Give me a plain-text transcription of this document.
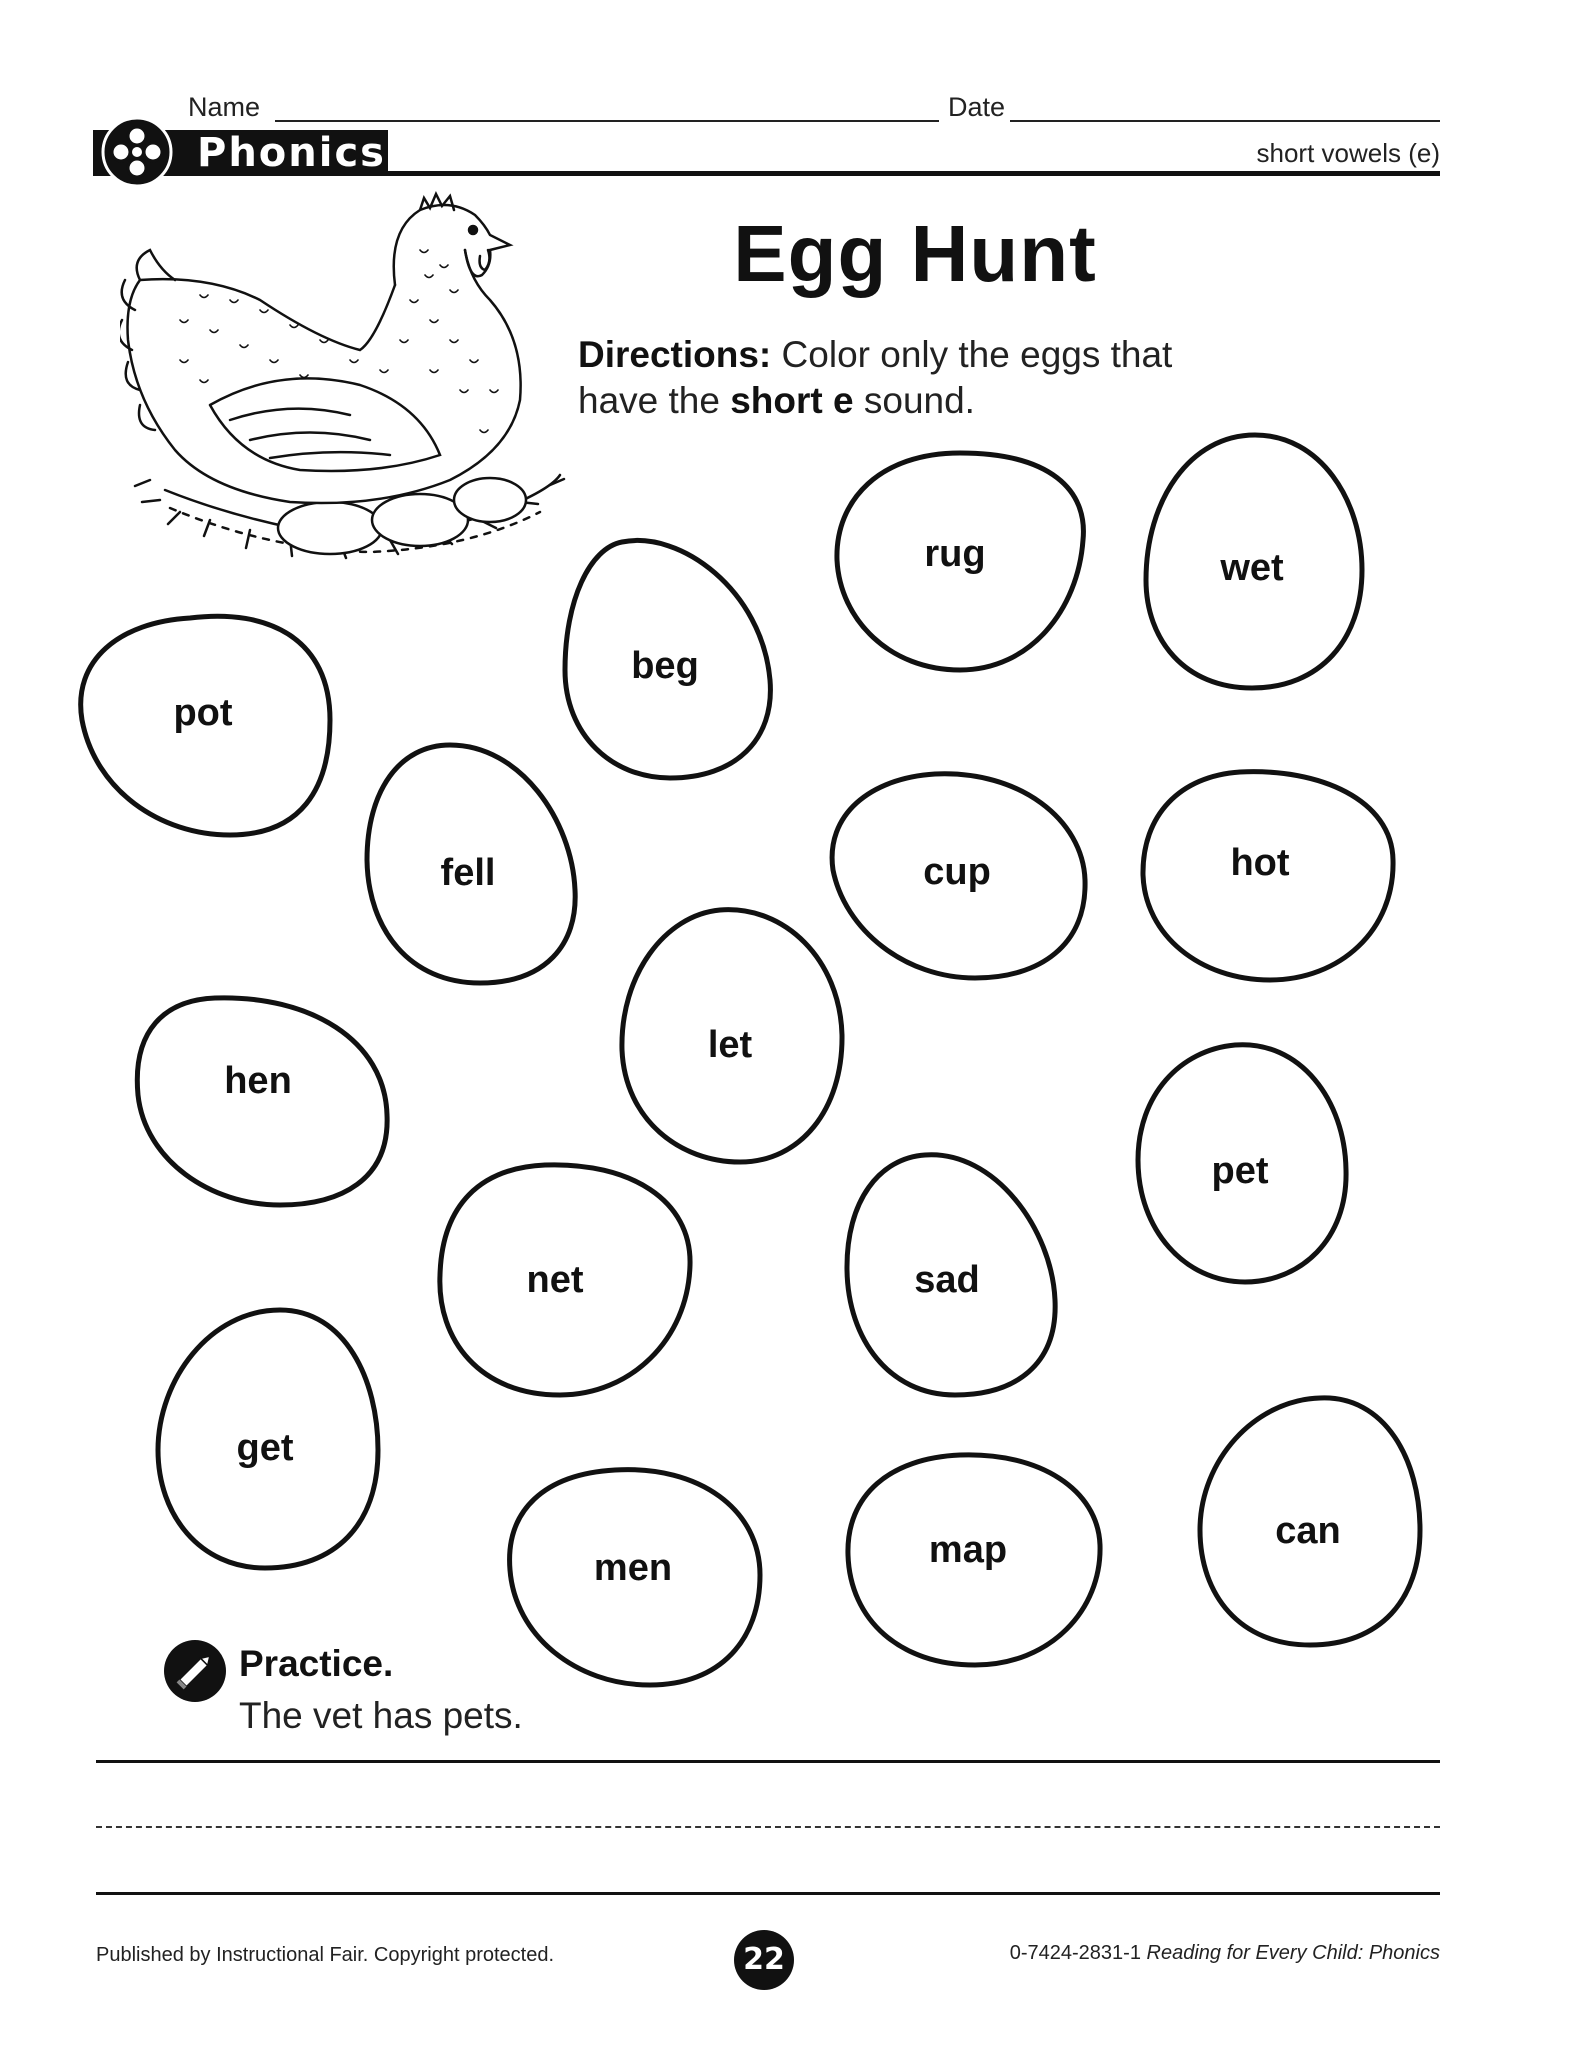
Name	Date
Phonics	short vowels (e)
Egg Hunt
Directions: Color only the eggs that
have the short e sound.
rug	wet
beg
pot
fell	cup	hot
let
hen
pet
net	sad
get
men	map	can
Practice.
The vet has pets.
Published by Instructional Fair. Copyright protected.	22	0-7424-2831-1 Reading for Every Child: Phonics
